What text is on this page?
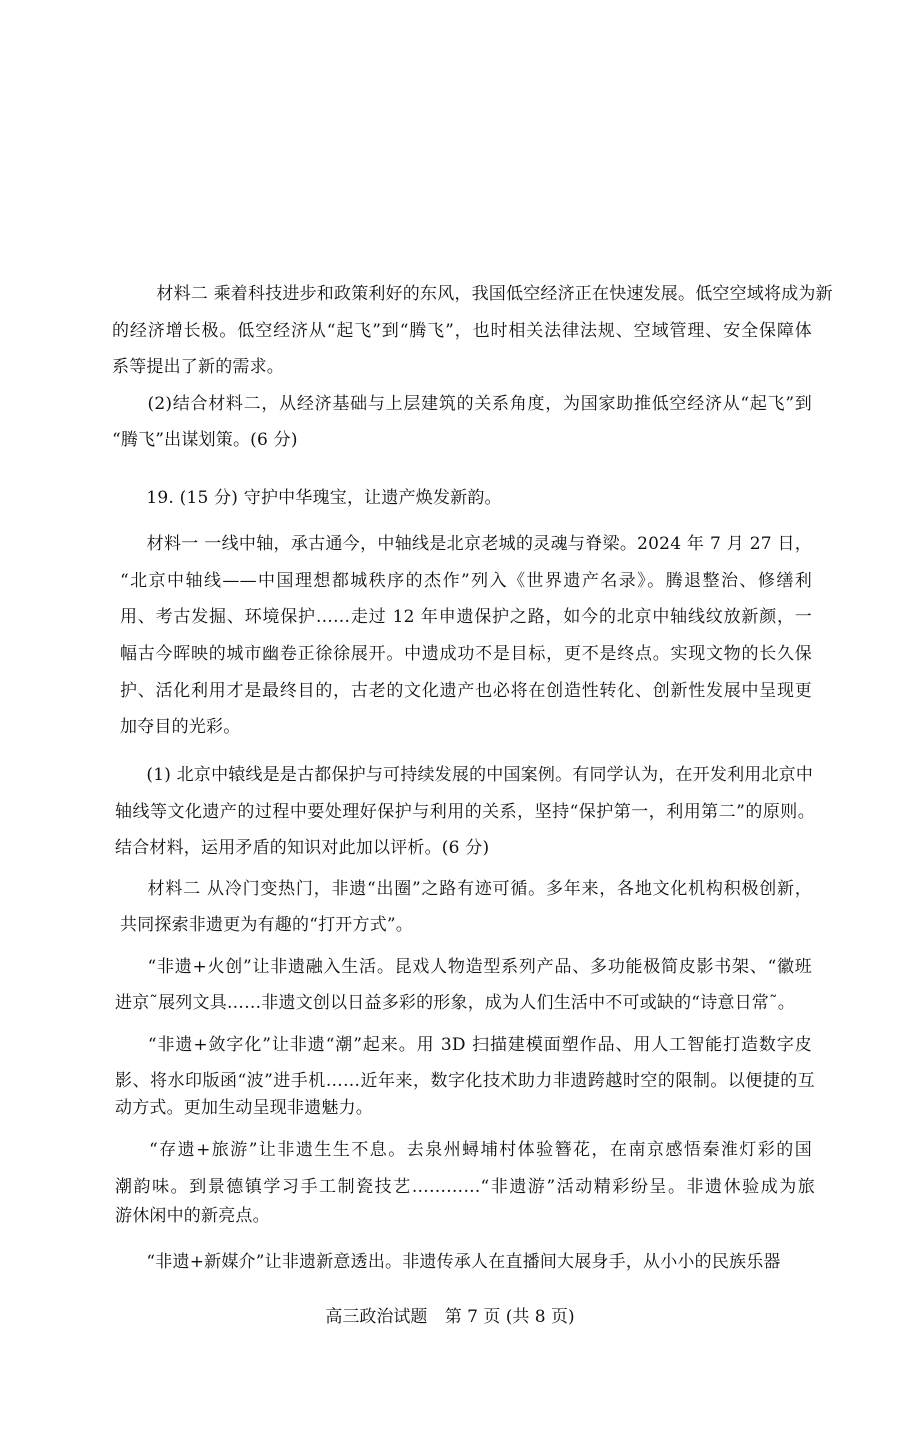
　　材料二 乘着科技进步和政策利好的东风，我国低空经济正在快速发展。低空空域将成为新
的经济增长极。低空经济从“起飞”到“腾飞”，也时相关法律法规、空域管理、安全保障体
系等提出了新的需求。
　　(2)结合材料二，从经济基础与上层建筑的关系角度，为国家助推低空经济从“起飞”到
“腾飞”出谋划策。(6 分)
　　19. (15 分) 守护中华瑰宝，让遗产焕发新韵。
　　材料一 一线中轴，承古通今，中轴线是北京老城的灵魂与脊梁。2024 年 7 月 27 日，
“北京中轴线——中国理想都城秩序的杰作”列入《世界遗产名录》。腾退整治、修缮利
用、考古发掘、环境保护……走过 12 年申遗保护之路，如今的北京中轴线纹放新颜，一
幅古今晖映的城市幽卷正徐徐展开。中遗成功不是目标，更不是终点。实现文物的长久保
护、活化利用才是最终目的，古老的文化遗产也必将在创造性转化、创新性发展中呈现更
加夺目的光彩。
　　(1) 北京中辕线是是古都保护与可持续发展的中国案例。有同学认为，在开发利用北京中
轴线等文化遗产的过程中要处理好保护与利用的关系，坚持“保护第一，利用第二”的原则。
结合材料，运用矛盾的知识对此加以评析。(6 分)
　　材料二 从冷门变热门，非遗“出圈”之路有迹可循。多年来，各地文化机构积极创新，
共同探索非遗更为有趣的“打开方式”。
　　“非遗+火创”让非遗融入生活。昆戏人物造型系列产品、多功能极简皮影书架、“徽班
进京˜展列文具……非遗文创以日益多彩的形象，成为人们生活中不可或缺的“诗意日常˜。
　　“非遗+敛字化”让非遗“潮”起来。用 3D 扫描建模面塑作品、用人工智能打造数字皮
影、将水印版函“波”进手机……近年来，数字化技术助力非遗跨越时空的限制。以便捷的互
动方式。更加生动呈现非遗魅力。
　　“存遗+旅游”让非遗生生不息。去泉州蟳埔村体验簪花，在南京感悟秦淮灯彩的国
潮韵味。到景德镇学习手工制瓷技艺…………“非遗游”活动精彩纷呈。非遗休验成为旅
游休闲中的新亮点。
　　“非遗+新媒介”让非遗新意透出。非遗传承人在直播间大展身手，从小小的民族乐器
高三政治试题 第 7 页 (共 8 页)
